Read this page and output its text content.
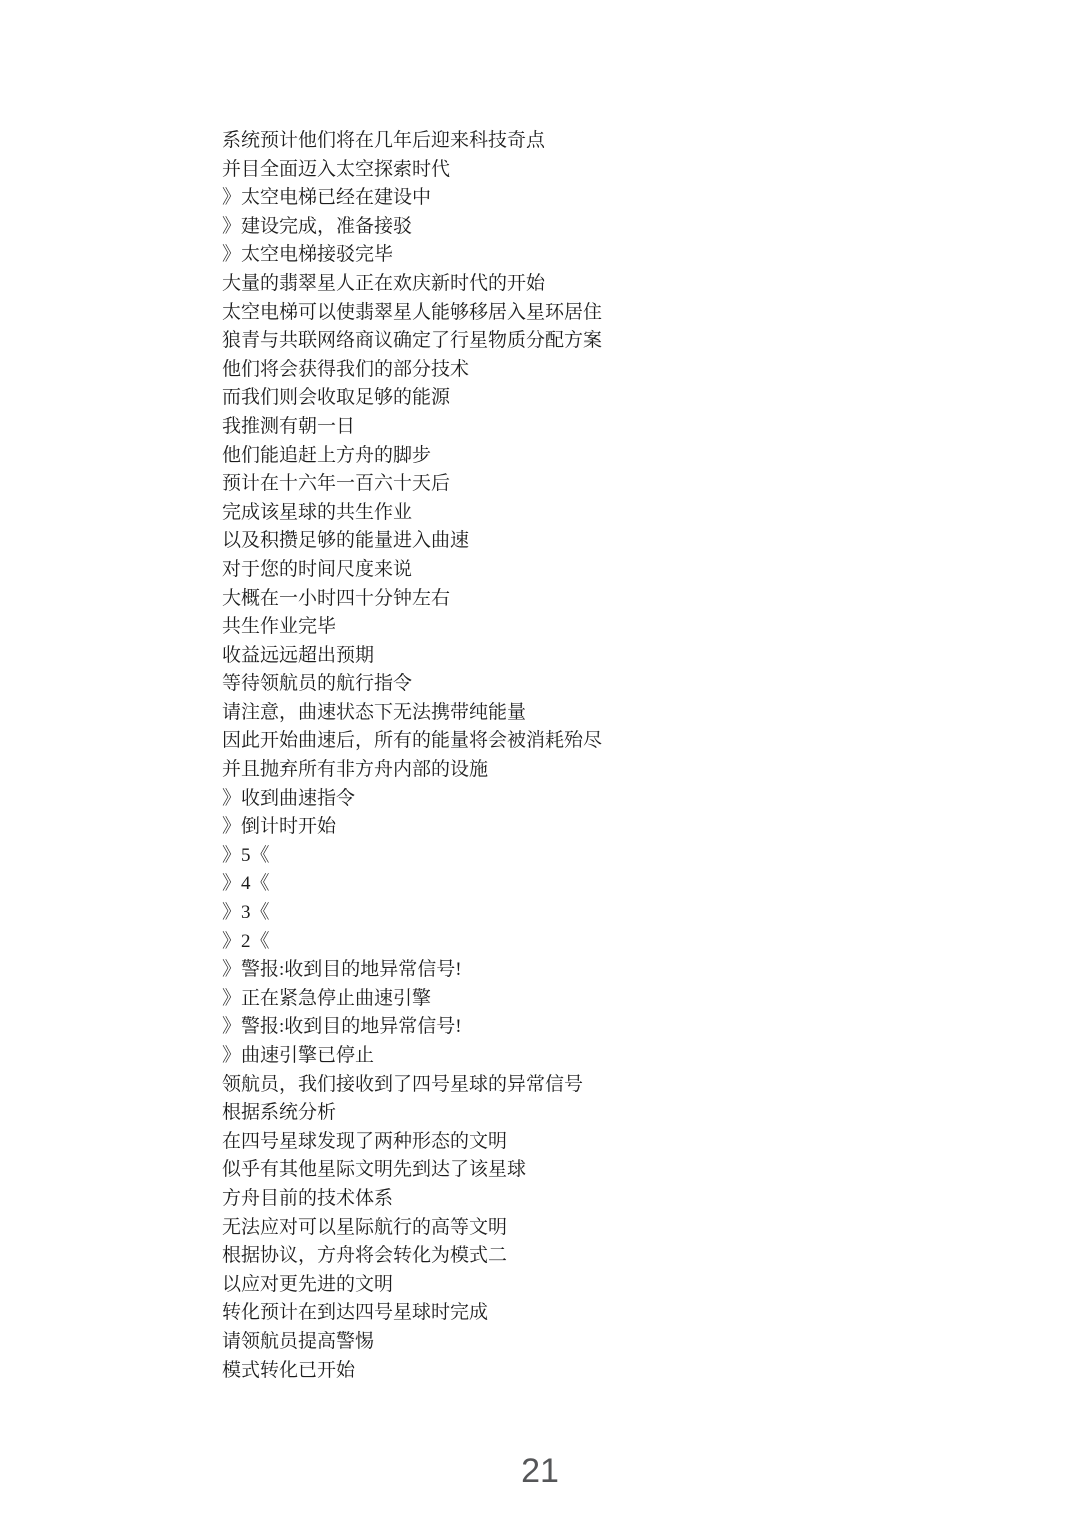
系统预计他们将在几年后迎来科技奇点
并目全面迈入太空探索时代
》太空电梯已经在建设中
》建设完成，准备接驳
》太空电梯接驳完毕
大量的翡翠星人正在欢庆新时代的开始
太空电梯可以使翡翠星人能够移居入星环居住
狼青与共联网络商议确定了行星物质分配方案
他们将会获得我们的部分技术
而我们则会收取足够的能源
我推测有朝一日
他们能追赶上方舟的脚步
预计在十六年一百六十天后
完成该星球的共生作业
以及积攒足够的能量进入曲速
对于您的时间尺度来说
大概在一小时四十分钟左右
共生作业完毕
收益远远超出预期
等待领航员的航行指令
请注意，曲速状态下无法携带纯能量
因此开始曲速后，所有的能量将会被消耗殆尽
并且抛弃所有非方舟内部的设施
》收到曲速指令
》倒计时开始
》5《
》4《
》3《
》2《
》警报:收到目的地异常信号!
》正在紧急停止曲速引擎
》警报:收到目的地异常信号!
》曲速引擎已停止
领航员，我们接收到了四号星球的异常信号
根据系统分析
在四号星球发现了两种形态的文明
似乎有其他星际文明先到达了该星球
方舟目前的技术体系
无法应对可以星际航行的高等文明
根据协议，方舟将会转化为模式二
以应对更先进的文明
转化预计在到达四号星球时完成
请领航员提高警惕
模式转化已开始
21
